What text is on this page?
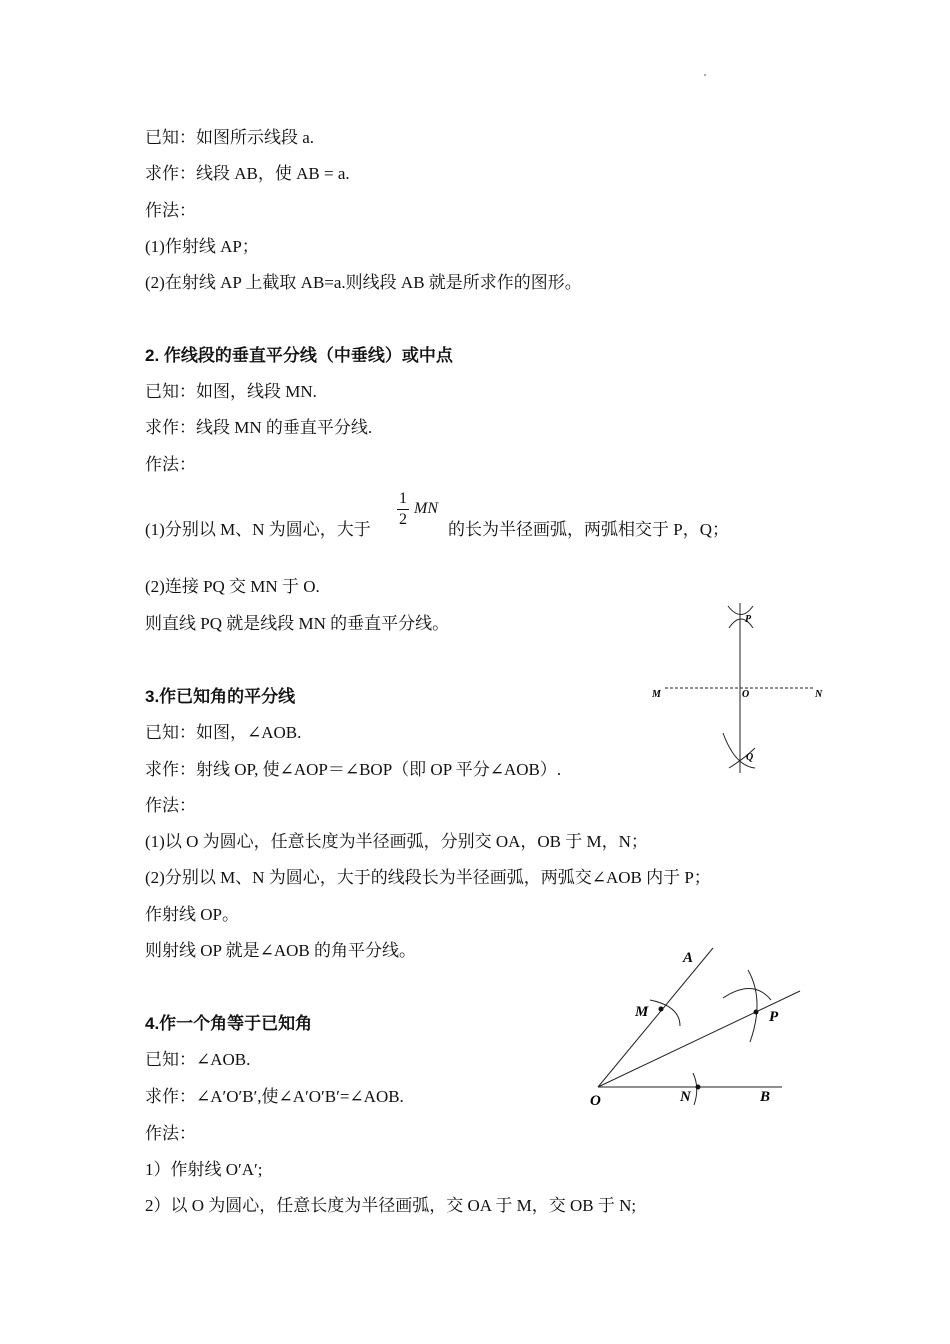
已知：如图所示线段 a.
求作：线段 AB，使 AB = a.
作法：
(1)作射线 AP；
(2)在射线 AP 上截取 AB=a.则线段 AB 就是所求作的图形。
2. 作线段的垂直平分线（中垂线）或中点
已知：如图，线段 MN.
求作：线段 MN 的垂直平分线.
作法：
(1)分别以 M、N 为圆心，大于
1
2
MN
的长为半径画弧，两弧相交于 P，Q；
(2)连接 PQ 交 MN 于 O.
则直线 PQ 就是线段 MN 的垂直平分线。	P
M	O	N
Q
3.作已知角的平分线
已知：如图，∠AOB.
求作：射线 OP, 使∠AOP＝∠BOP（即 OP 平分∠AOB）.
作法：
(1)以 O 为圆心，任意长度为半径画弧，分别交 OA，OB 于 M，N；
(2)分别以 M、N 为圆心，大于的线段长为半径画弧，两弧交∠AOB 内于 P；
作射线 OP。
则射线 OP 就是∠AOB 的角平分线。	A
M	P
O	N	B
4.作一个角等于已知角
已知：∠AOB.
求作：∠A′O′B′,使∠A′O′B′=∠AOB.
作法：
1）作射线 O′A′;
2）以 O 为圆心，任意长度为半径画弧，交 OA 于 M，交 OB 于 N;
